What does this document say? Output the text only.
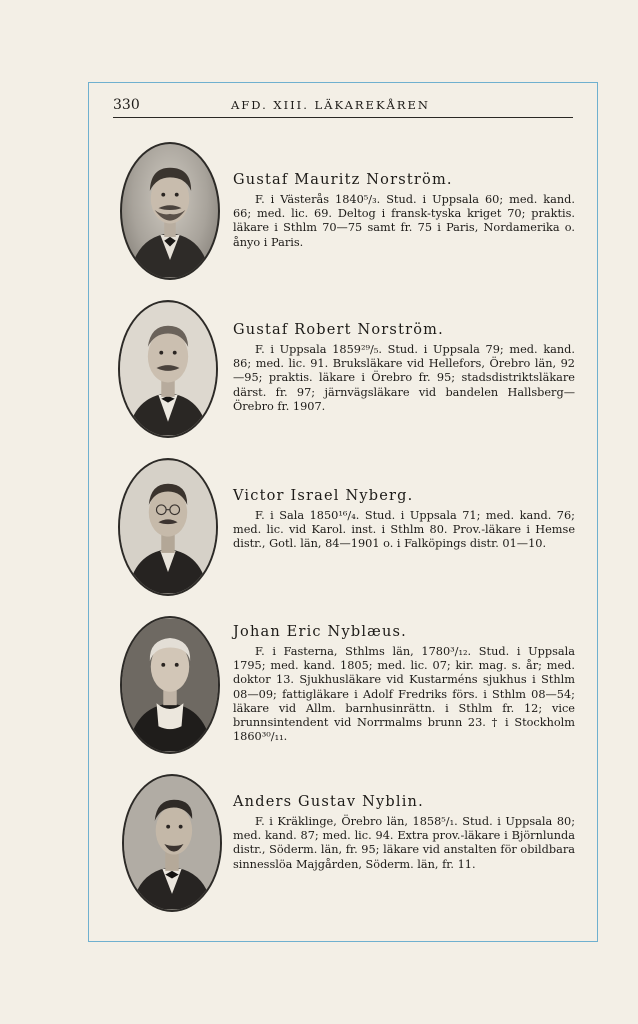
330	AFD. XIII. LÄKAREKÅREN
Gustaf Mauritz Norström.

F. i Västerås 1840⁵/₃. Stud. i Uppsala 60; med. kand. 66; med. lic. 69. Deltog i fransk-tyska kriget 70; praktis. läkare i Sthlm 70—75 samt fr. 75 i Paris, Nordamerika o. ånyo i Paris.

Gustaf Robert Norström.

F. i Uppsala 1859²⁹/₅. Stud. i Uppsala 79; med. kand. 86; med. lic. 91. Bruksläkare vid Hellefors, Örebro län, 92—95; praktis. läkare i Örebro fr. 95; stadsdistriktsläkare därst. fr. 97; järnvägsläkare vid bandelen Hallsberg—Örebro fr. 1907.

Victor Israel Nyberg.

F. i Sala 1850¹⁶/₄. Stud. i Uppsala 71; med. kand. 76; med. lic. vid Karol. inst. i Sthlm 80. Prov.-läkare i Hemse distr., Gotl. län, 84—1901 o. i Falköpings distr. 01—10.

Johan Eric Nyblæus.

F. i Fasterna, Sthlms län, 1780³/₁₂. Stud. i Uppsala 1795; med. kand. 1805; med. lic. 07; kir. mag. s. år; med. doktor 13. Sjukhusläkare vid Kustarméns sjukhus i Sthlm 08—09; fattigläkare i Adolf Fredriks förs. i Sthlm 08—54; läkare vid Allm. barnhusinrättn. i Sthlm fr. 12; vice brunnsintendent vid Norrmalms brunn 23. † i Stockholm 1860³⁰/₁₁.

Anders Gustav Nyblin.

F. i Kräklinge, Örebro län, 1858⁵/₁. Stud. i Uppsala 80; med. kand. 87; med. lic. 94. Extra prov.-läkare i Björnlunda distr., Söderm. län, fr. 95; läkare vid anstalten för obildbara sinnesslöa Majgården, Söderm. län, fr. 11.
